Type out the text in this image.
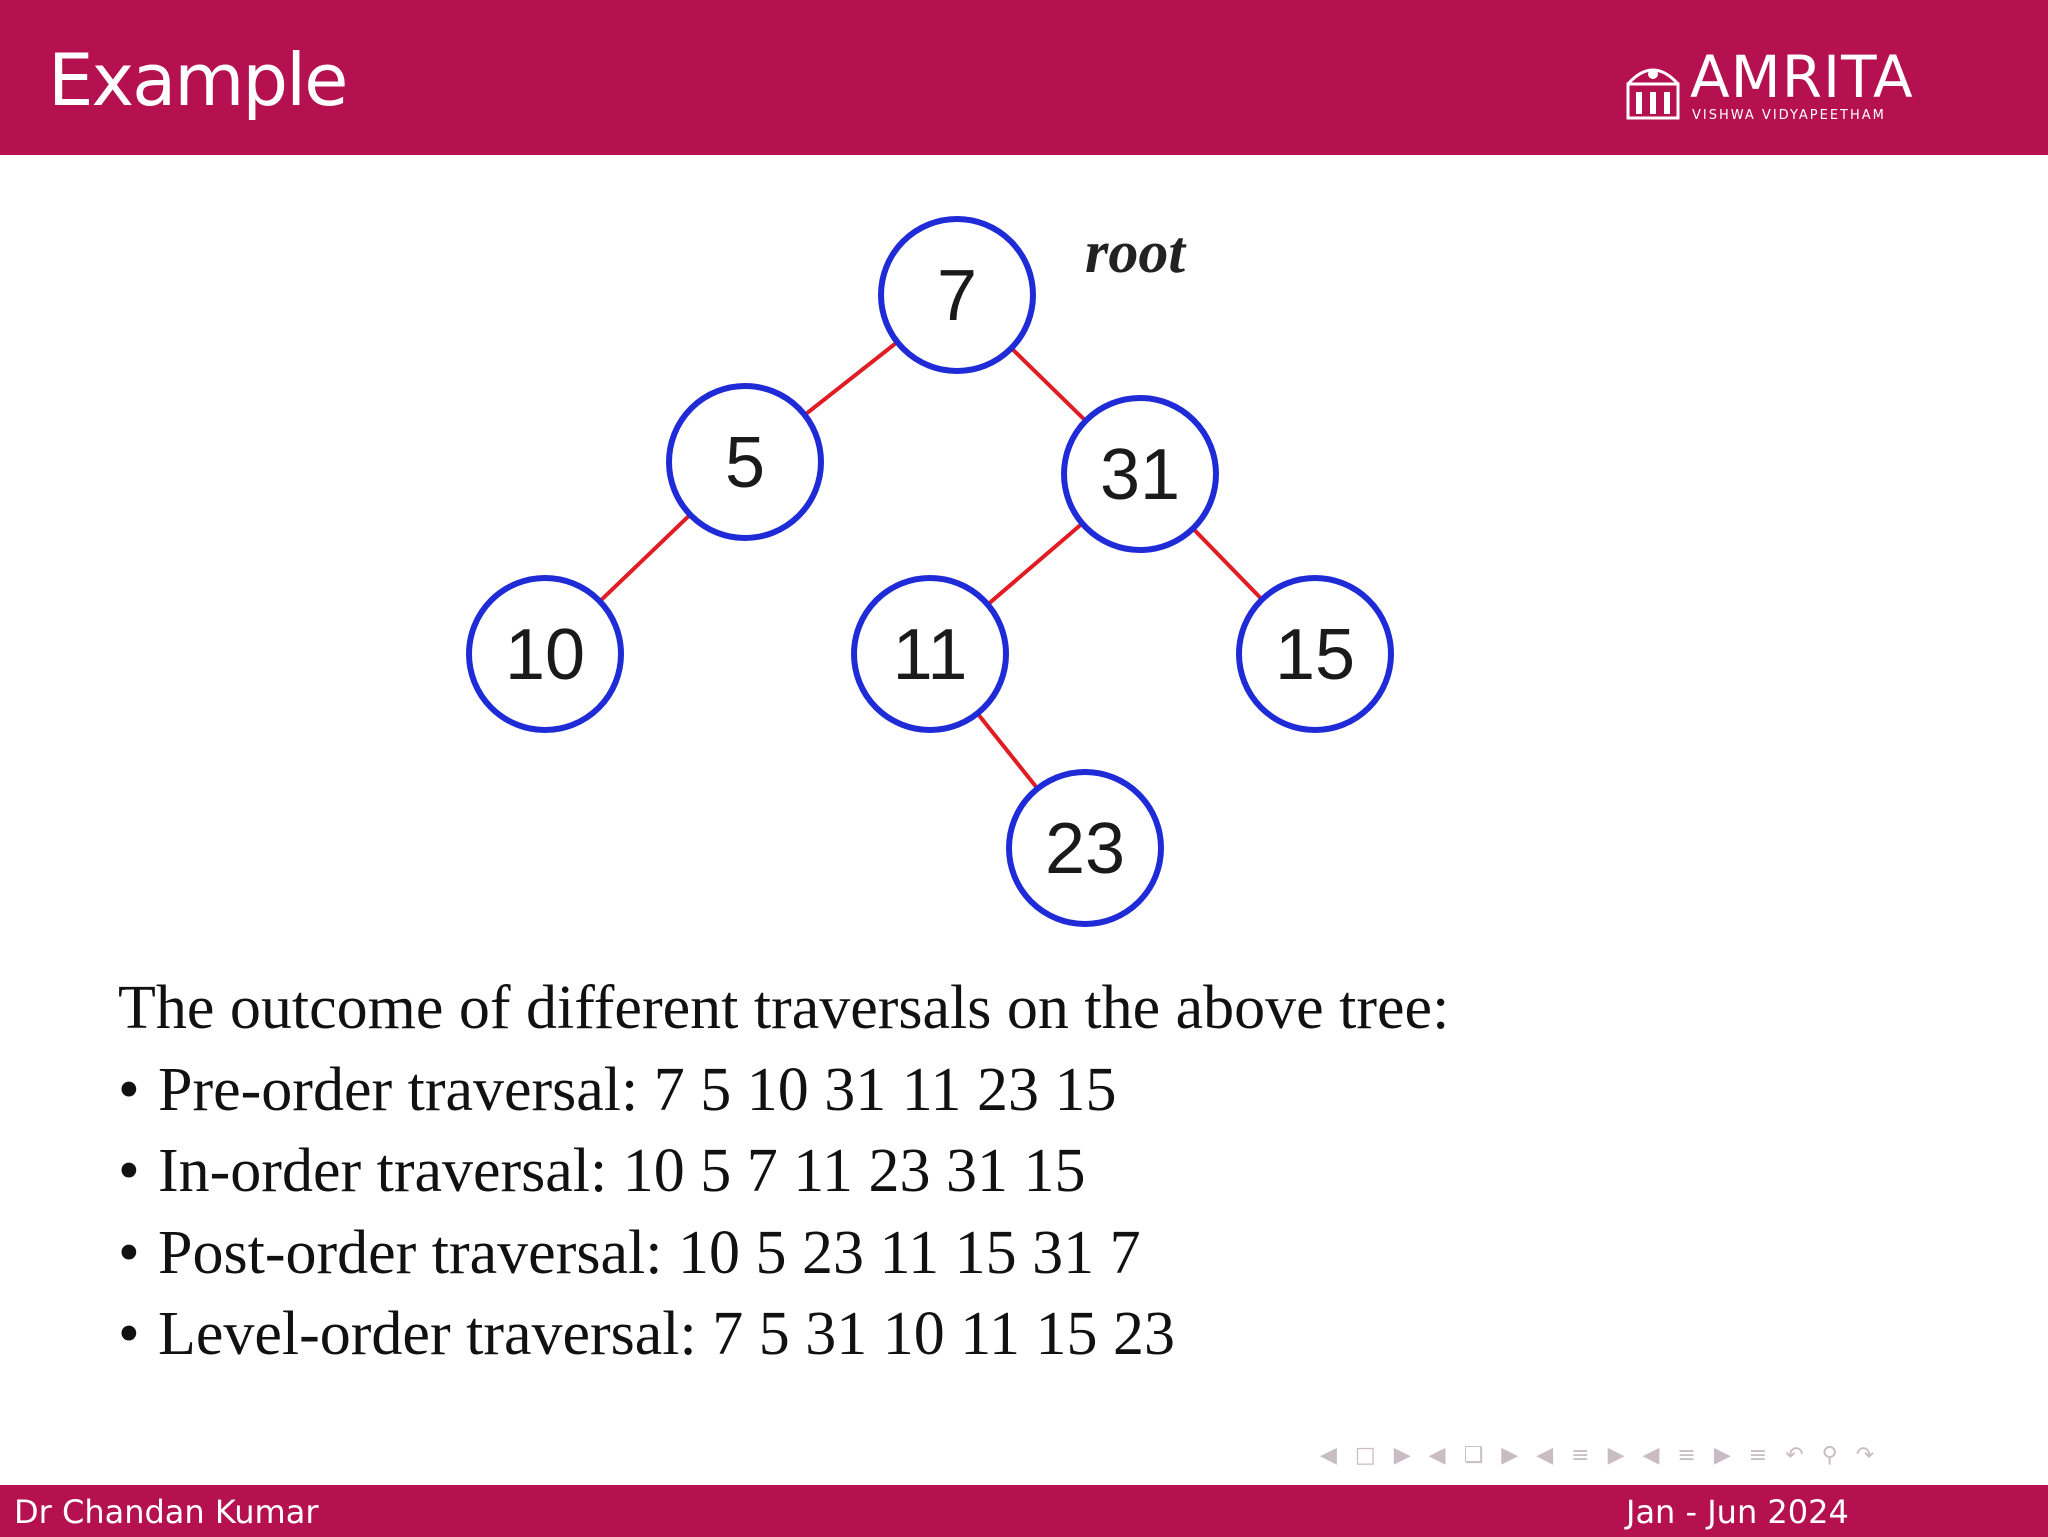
Example	AMRITA
VISHWA VIDYAPEETHAM
7
5	31
10	11	15
23
root
The outcome of different traversals on the above tree:
• Pre-order traversal: 7 5 10 31 11 23 15
• In-order traversal: 10 5 7 11 23 31 15
• Post-order traversal: 10 5 23 11 15 31 7
• Level-order traversal: 7 5 31 10 11 15 23
◀ □ ▶ ◀ ❏ ▶ ◀ ≡ ▶ ◀ ≡ ▶ ≡ ↶ ⚲ ↷
Dr Chandan Kumar	Jan - Jun 2024
